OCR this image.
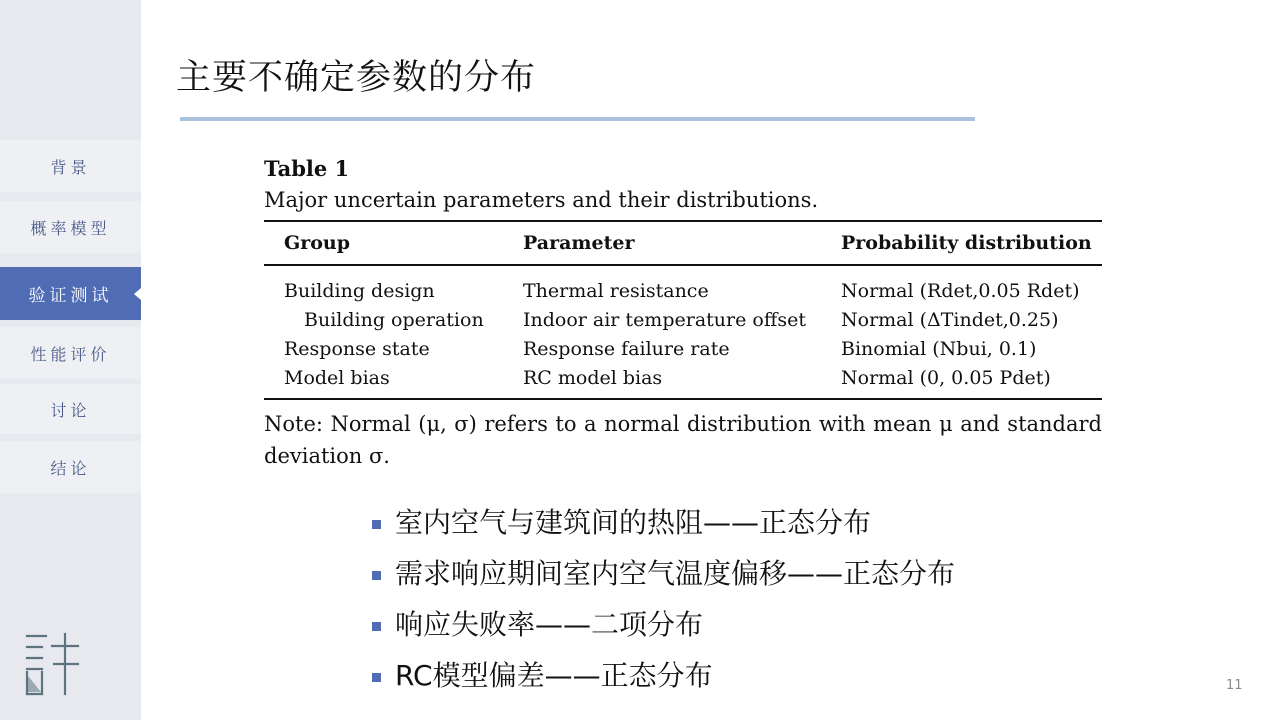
背景
概率模型
验证测试
性能评价
讨论
结论
主要不确定参数的分布
Table 1
Major uncertain parameters and their distributions.
Group	Parameter	Probability distribution
Building design	Thermal resistance	Normal (Rdet,0.05 Rdet)
Building operation	Indoor air temperature offset	Normal (ΔTindet,0.25)
Response state	Response failure rate	Binomial (Nbui, 0.1)
Model bias	RC model bias	Normal (0, 0.05 Pdet)
Note: Normal (μ, σ) refers to a normal distribution with mean μ and standard deviation σ.
室内空气与建筑间的热阻——正态分布
需求响应期间室内空气温度偏移——正态分布
响应失败率——二项分布
RC模型偏差——正态分布	11
